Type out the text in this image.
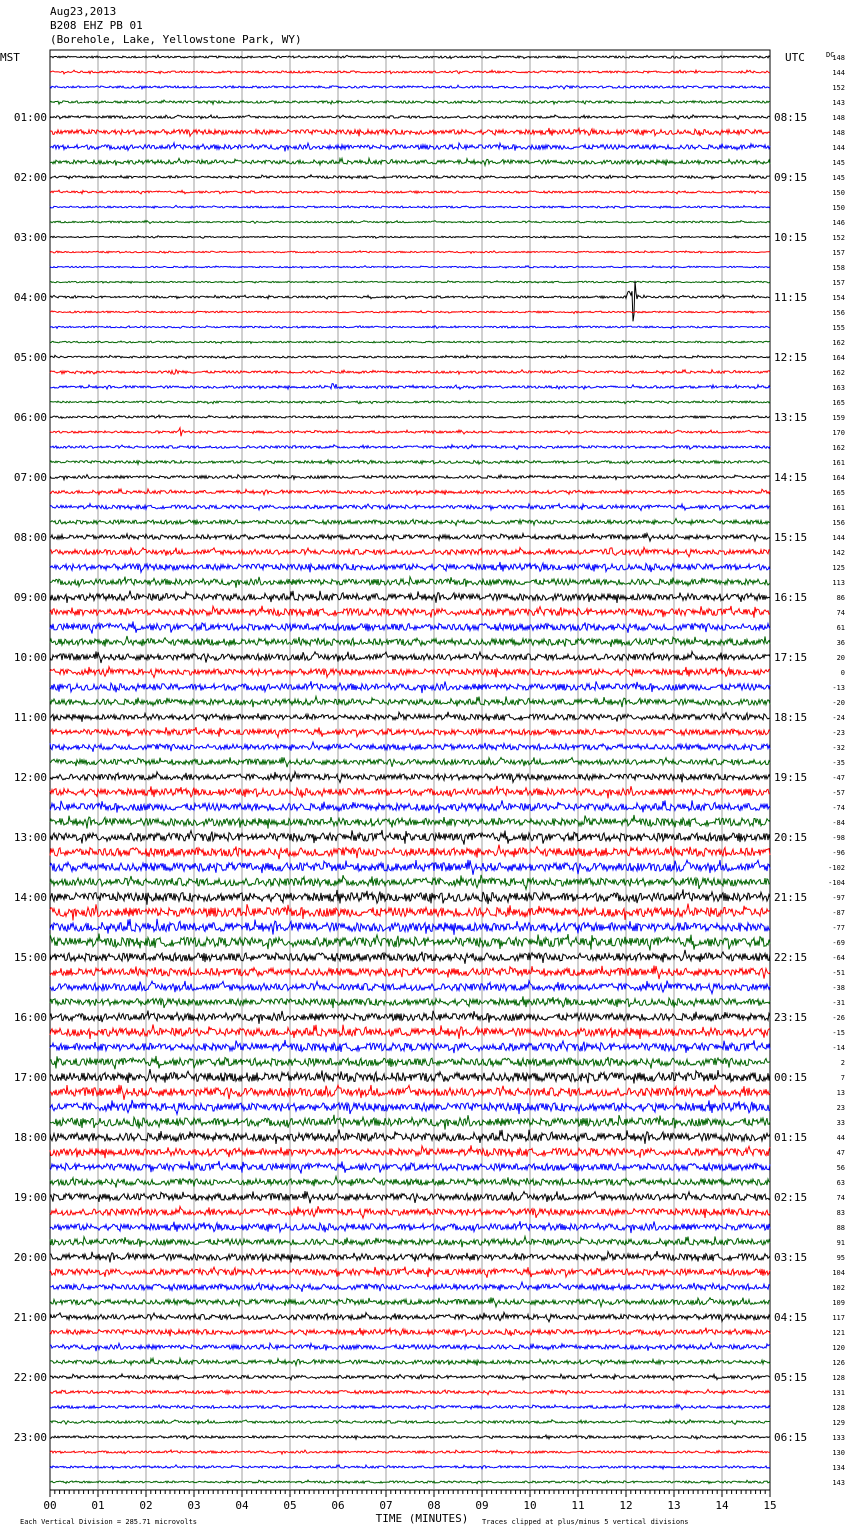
Aug23,2013
B208 EHZ PB 01
(Borehole, Lake, Yellowstone Park, WY)
148
144
152
143
148
148
144
145
145
150
150
146
152
157
158
157
154
156
155
162
164
162
163
165
159
170
162
161
164
165
161
156
144
142
125
113
86
74
61
36
20
0
-13
-20
-24
-23
-32
-35
-47
-57
-74
-84
-98
-96
-102
-104
-97
-87
-77
-69
-64
-51
-38
-31
-26
-15
-14
2
7
13
23
33
44
47
56
63
74
83
88
91
95
104
102
109
117
121
120
126
128
131
128
129
133
130
134
143
MST	UTC	DC
01:00	08:15
02:00	09:15
03:00	10:15
04:00	11:15
05:00	12:15
06:00	13:15
07:00	14:15
08:00	15:15
09:00	16:15
10:00	17:15
11:00	18:15
12:00	19:15
13:00	20:15
14:00	21:15
15:00	22:15
16:00	23:15
17:00	00:15
18:00	01:15
19:00	02:15
20:00	03:15
21:00	04:15
22:00	05:15
23:00	06:15
00	01	02	03	04	05	06	07	08	09	10	11	12	13	14	15
TIME (MINUTES)
Each Vertical Division = 285.71 microvolts	Traces clipped at plus/minus 5 vertical divisions
